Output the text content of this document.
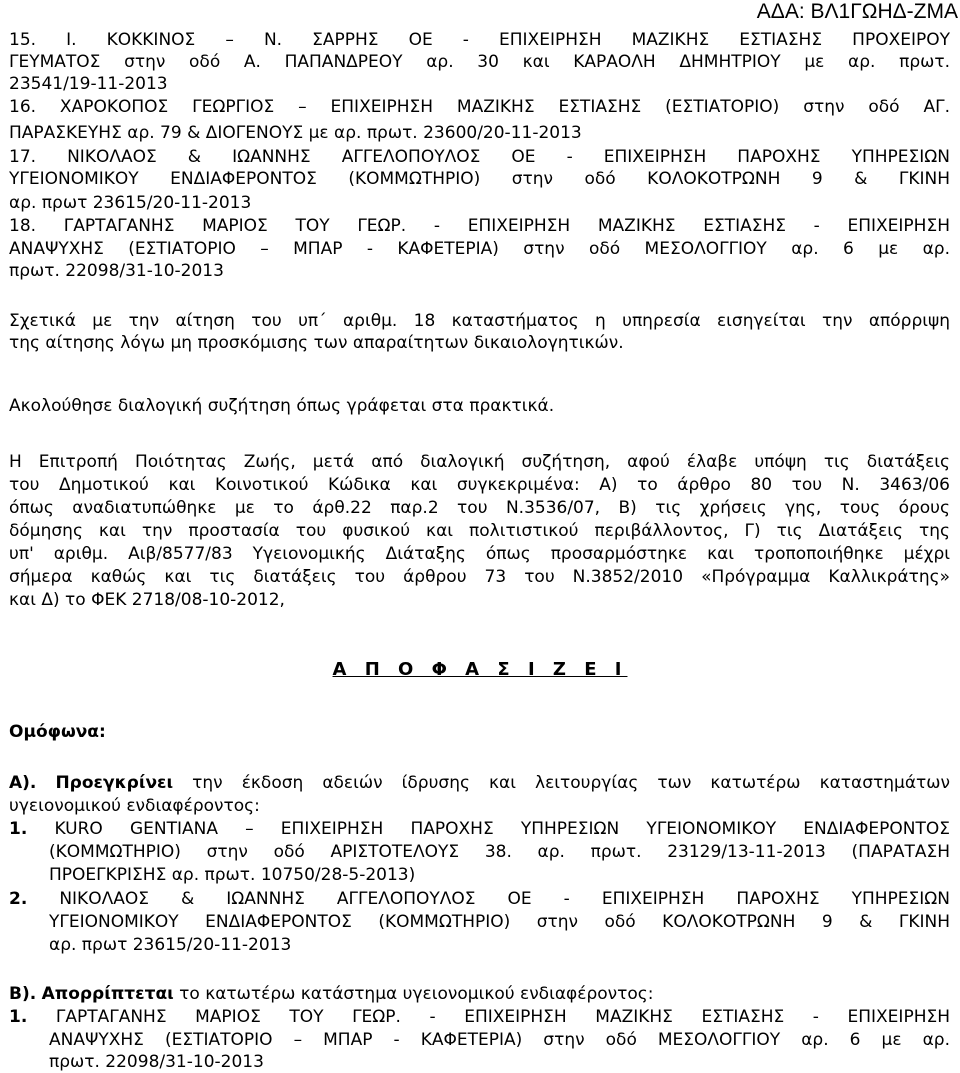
ΑΔΑ: ΒΛ1ΓΩΗΔ-ΖΜΑ

15. Ι. ΚΟΚΚΙΝΟΣ – Ν. ΣΑΡΡΗΣ ΟΕ - ΕΠΙΧΕΙΡΗΣΗ ΜΑΖΙΚΗΣ ΕΣΤΙΑΣΗΣ ΠΡΟΧΕΙΡΟΥ

ΓΕΥΜΑΤΟΣ στην οδό Α. ΠΑΠΑΝΔΡΕΟΥ αρ. 30 και ΚΑΡΑΟΛΗ ΔΗΜΗΤΡΙΟΥ με αρ. πρωτ.

23541/19-11-2013

16. ΧΑΡΟΚΟΠΟΣ ΓΕΩΡΓΙΟΣ – ΕΠΙΧΕΙΡΗΣΗ ΜΑΖΙΚΗΣ ΕΣΤΙΑΣΗΣ (ΕΣΤΙΑΤΟΡΙΟ) στην οδό ΑΓ.

ΠΑΡΑΣΚΕΥΗΣ αρ. 79 & ΔΙΟΓΕΝΟΥΣ με αρ. πρωτ. 23600/20-11-2013

17. ΝΙΚΟΛΑΟΣ & ΙΩΑΝΝΗΣ ΑΓΓΕΛΟΠΟΥΛΟΣ ΟΕ - ΕΠΙΧΕΙΡΗΣΗ ΠΑΡΟΧΗΣ ΥΠΗΡΕΣΙΩΝ

ΥΓΕΙΟΝΟΜΙΚΟΥ ΕΝΔΙΑΦΕΡΟΝΤΟΣ (ΚΟΜΜΩΤΗΡΙΟ) στην οδό ΚΟΛΟΚΟΤΡΩΝΗ 9 & ΓΚΙΝΗ

αρ. πρωτ 23615/20-11-2013

18. ΓΑΡΤΑΓΑΝΗΣ ΜΑΡΙΟΣ ΤΟΥ ΓΕΩΡ. - ΕΠΙΧΕΙΡΗΣΗ ΜΑΖΙΚΗΣ ΕΣΤΙΑΣΗΣ - ΕΠΙΧΕΙΡΗΣΗ

ΑΝΑΨΥΧΗΣ (ΕΣΤΙΑΤΟΡΙΟ – ΜΠΑΡ - ΚΑΦΕΤΕΡΙΑ) στην οδό ΜΕΣΟΛΟΓΓΙΟΥ αρ. 6 με αρ.

πρωτ. 22098/31-10-2013

Σχετικά με την αίτηση του υπ΄ αριθμ. 18 καταστήματος η υπηρεσία εισηγείται την απόρριψη

της αίτησης λόγω μη προσκόμισης των απαραίτητων δικαιολογητικών.

Ακολούθησε διαλογική συζήτηση όπως γράφεται στα πρακτικά.

Η Επιτροπή Ποιότητας Ζωής, μετά από διαλογική συζήτηση, αφού έλαβε υπόψη τις διατάξεις

του Δημοτικού και Κοινοτικού Κώδικα και συγκεκριμένα: Α) το άρθρο 80 του Ν. 3463/06

όπως αναδιατυπώθηκε με το άρθ.22 παρ.2 του Ν.3536/07, Β) τις χρήσεις γης, τους όρους

δόμησης και την προστασία του φυσικού και πολιτιστικού περιβάλλοντος, Γ) τις Διατάξεις της

υπ' αριθμ. Αιβ/8577/83 Υγειονομικής Διάταξης όπως προσαρμόστηκε και τροποποιήθηκε μέχρι

σήμερα καθώς και τις διατάξεις του άρθρου 73 του Ν.3852/2010 «Πρόγραμμα Καλλικράτης»

και Δ) το ΦΕΚ 2718/08-10-2012,

Α Π Ο Φ Α Σ Ι Ζ Ε Ι

Ομόφωνα:

Α). Προεγκρίνει την έκδοση αδειών ίδρυσης και λειτουργίας των κατωτέρω καταστημάτων

υγειονομικού ενδιαφέροντος:

1. KURO GENTIANA – ΕΠΙΧΕΙΡΗΣΗ ΠΑΡΟΧΗΣ ΥΠΗΡΕΣΙΩΝ ΥΓΕΙΟΝΟΜΙΚΟΥ ΕΝΔΙΑΦΕΡΟΝΤΟΣ

(ΚΟΜΜΩΤΗΡΙΟ) στην οδό ΑΡΙΣΤΟΤΕΛΟΥΣ 38. αρ. πρωτ. 23129/13-11-2013 (ΠΑΡΑΤΑΣΗ

ΠΡΟΕΓΚΡΙΣΗΣ αρ. πρωτ. 10750/28-5-2013)

2. ΝΙΚΟΛΑΟΣ & ΙΩΑΝΝΗΣ ΑΓΓΕΛΟΠΟΥΛΟΣ ΟΕ - ΕΠΙΧΕΙΡΗΣΗ ΠΑΡΟΧΗΣ ΥΠΗΡΕΣΙΩΝ

ΥΓΕΙΟΝΟΜΙΚΟΥ ΕΝΔΙΑΦΕΡΟΝΤΟΣ (ΚΟΜΜΩΤΗΡΙΟ) στην οδό ΚΟΛΟΚΟΤΡΩΝΗ 9 & ΓΚΙΝΗ

αρ. πρωτ 23615/20-11-2013

Β). Απορρίπτεται το κατωτέρω κατάστημα υγειονομικού ενδιαφέροντος:

1. ΓΑΡΤΑΓΑΝΗΣ ΜΑΡΙΟΣ ΤΟΥ ΓΕΩΡ. - ΕΠΙΧΕΙΡΗΣΗ ΜΑΖΙΚΗΣ ΕΣΤΙΑΣΗΣ - ΕΠΙΧΕΙΡΗΣΗ

ΑΝΑΨΥΧΗΣ (ΕΣΤΙΑΤΟΡΙΟ – ΜΠΑΡ - ΚΑΦΕΤΕΡΙΑ) στην οδό ΜΕΣΟΛΟΓΓΙΟΥ αρ. 6 με αρ.

πρωτ. 22098/31-10-2013
